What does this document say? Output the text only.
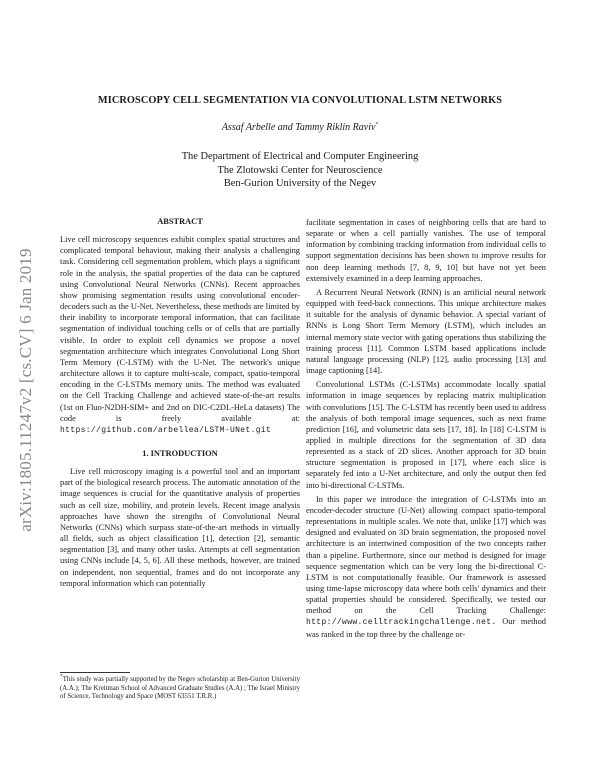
MICROSCOPY CELL SEGMENTATION VIA CONVOLUTIONAL LSTM NETWORKS
Assaf Arbelle and Tammy Riklin Raviv*
The Department of Electrical and Computer Engineering
The Zlotowski Center for Neuroscience
Ben-Gurion University of the Negev
arXiv:1805.11247v2 [cs.CV] 6 Jan 2019
ABSTRACT

Live cell microscopy sequences exhibit complex spatial structures and complicated temporal behaviour, making their analysis a challenging task. Considering cell segmentation problem, which plays a significant role in the analysis, the spatial properties of the data can be captured using Convolutional Neural Networks (CNNs). Recent approaches show promising segmentation results using convolutional encoder-decoders such as the U-Net. Nevertheless, these methods are limited by their inability to incorporate temporal information, that can facilitate segmentation of individual touching cells or of cells that are partially visible. In order to exploit cell dynamics we propose a novel segmentation architecture which integrates Convolutional Long Short Term Memory (C-LSTM) with the U-Net. The network's unique architecture allows it to capture multi-scale, compact, spatio-temporal encoding in the C-LSTMs memory units. The method was evaluated on the Cell Tracking Challenge and achieved state-of-the-art results (1st on Fluo-N2DH-SIM+ and 2nd on DIC-C2DL-HeLa datasets) The code is freely available at: https://github.com/arbellea/LSTM-UNet.git

1. INTRODUCTION

Live cell microscopy imaging is a powerful tool and an important part of the biological research process. The automatic annotation of the image sequences is crucial for the quantitative analysis of properties such as cell size, mobility, and protein levels. Recent image analysis approaches have shown the strengths of Convolutional Neural Networks (CNNs) which surpass state-of-the-art methods in virtually all fields, such as object classification [1], detection [2], semantic segmentation [3], and many other tasks. Attempts at cell segmentation using CNNs include [4, 5, 6]. All these methods, however, are trained on independent, non sequential, frames and do not incorporate any temporal information which can potentially

*This study was partially supported by the Negev scholarship at Ben-Gurion University (A.A.); The Kreitman School of Advanced Graduate Studies (A.A) ; The Israel Ministry of Science, Technology and Space (MOST 63551 T.R.R.)

facilitate segmentation in cases of neighboring cells that are hard to separate or when a cell partially vanishes. The use of temporal information by combining tracking information from individual cells to support segmentation decisions has been shown to improve results for non deep learning methods [7, 8, 9, 10] but have not yet been extensively examined in a deep learning approaches.

A Recurrent Neural Network (RNN) is an artificial neural network equipped with feed-back connections. This unique architecture makes it suitable for the analysis of dynamic behavior. A special variant of RNNs is Long Short Term Memory (LSTM), which includes an internal memory state vector with gating operations thus stabilizing the training process [11]. Common LSTM based applications include natural language processing (NLP) [12], audio processing [13] and image captioning [14].

Convolutional LSTMs (C-LSTMs) accommodate locally spatial information in image sequences by replacing matrix multiplication with convolutions [15]. The C-LSTM has recently been used to address the analysis of both temporal image sequences, such as next frame prediction [16], and volumetric data sets [17, 18]. In [18] C-LSTM is applied in multiple directions for the segmentation of 3D data represented as a stack of 2D slices. Another approach for 3D brain structure segmentation is proposed in [17], where each slice is separately fed into a U-Net architecture, and only the output then fed into bi-directional C-LSTMs.

In this paper we introduce the integration of C-LSTMs into an encoder-decoder structure (U-Net) allowing compact spatio-temporal representations in multiple scales. We note that, unlike [17] which was designed and evaluated on 3D brain segmentation, the proposed novel architecture is an intertwined composition of the two concepts rather than a pipeline. Furthermore, since our method is designed for image sequence segmentation which can be very long the bi-directional C-LSTM is not computationally feasible. Our framework is assessed using time-lapse microscopy data where both cells' dynamics and their spatial properties should be considered. Specifically, we tested our method on the Cell Tracking Challenge: http://www.celltrackingchallenge.net. Our method was ranked in the top three by the challenge or-
